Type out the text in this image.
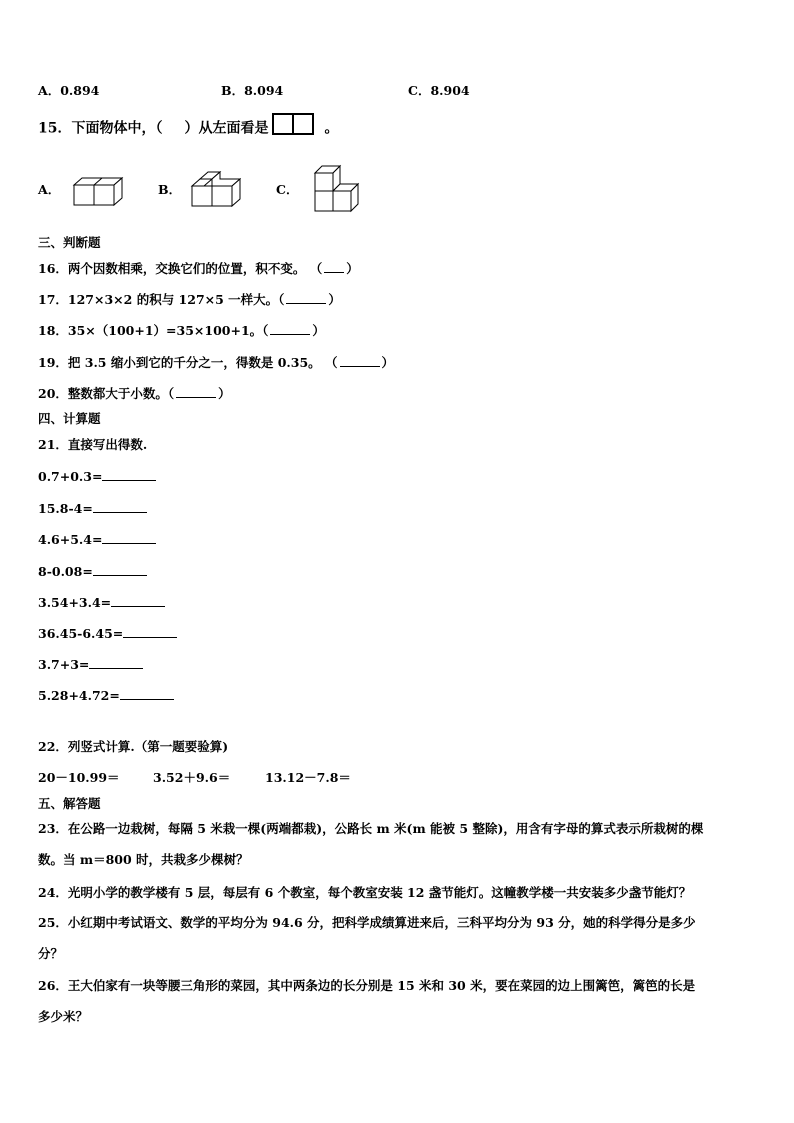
A．0.894	B．8.094	C．8.904
15．下面物体中，（ ）从左面看是	。
A．	B．	C．
三、判断题
16．两个因数相乘，交换它们的位置，积不变。 （ ）
17．127×3×2 的积与 127×5 一样大。（	）
18．35×（100+1）=35×100+1。（	）
19．把 3.5 缩小到它的千分之一，得数是 0.35。 （	）
20．整数都大于小数。（	）
四、计算题
21．直接写出得数.
0.7+0.3=
15.8-4=
4.6+5.4=
8-0.08=
3.54+3.4=
36.45-6.45=
3.7+3=
5.28+4.72=
22．列竖式计算.（第一题要验算)
20－10.99＝	3.52＋9.6＝	13.12－7.8＝
五、解答题
23．在公路一边栽树，每隔 5 米栽一棵(两端都栽)，公路长 m 米(m 能被 5 整除)，用含有字母的算式表示所栽树的棵
数。当 m＝800 时，共栽多少棵树？
24．光明小学的教学楼有 5 层，每层有 6 个教室，每个教室安装 12 盏节能灯。这幢教学楼一共安装多少盏节能灯？
25．小红期中考试语文、数学的平均分为 94.6 分，把科学成绩算进来后，三科平均分为 93 分，她的科学得分是多少
分？
26．王大伯家有一块等腰三角形的菜园，其中两条边的长分别是 15 米和 30 米，要在菜园的边上围篱笆，篱笆的长是
多少米？
